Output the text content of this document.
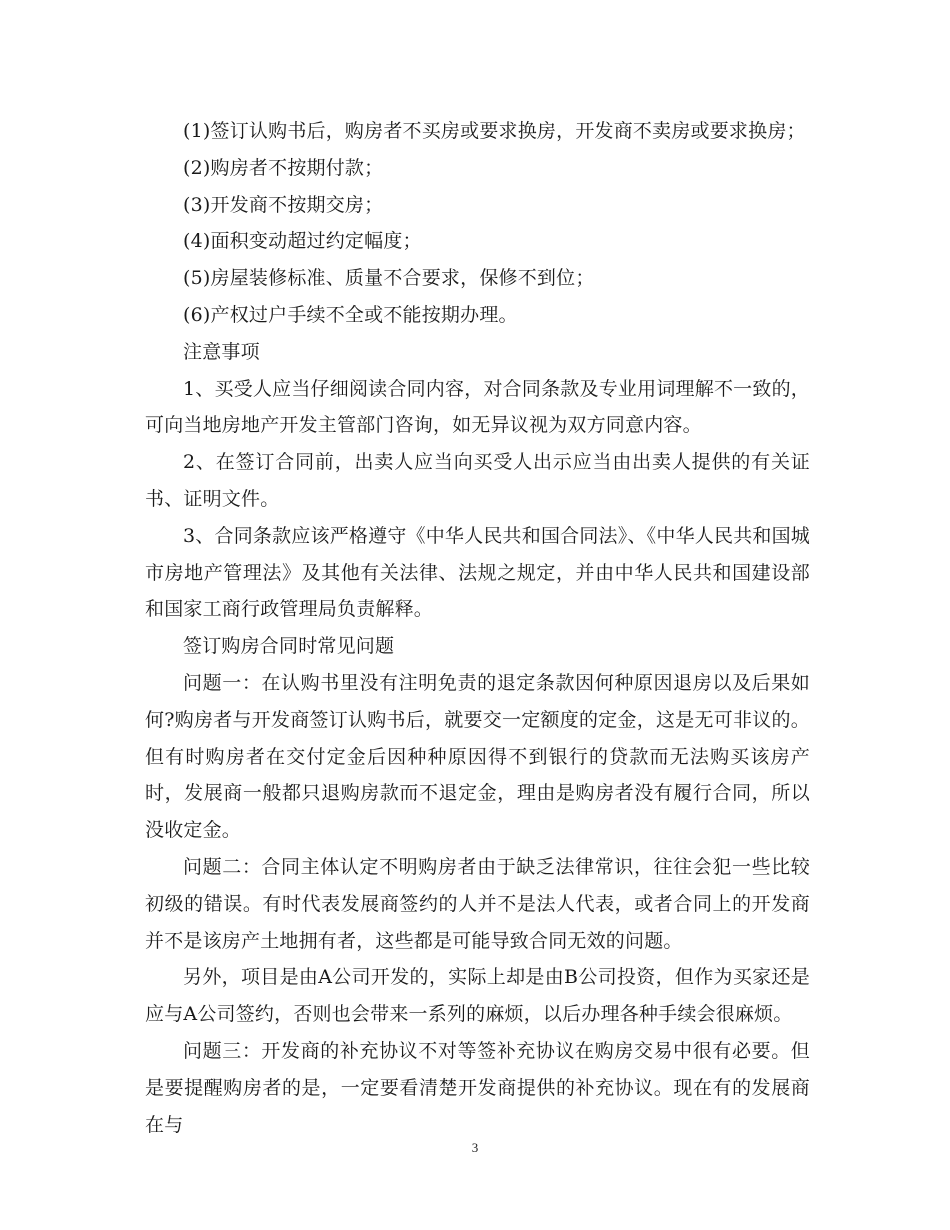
(1)签订认购书后，购房者不买房或要求换房，开发商不卖房或要求换房；

(2)购房者不按期付款；

(3)开发商不按期交房；

(4)面积变动超过约定幅度；

(5)房屋装修标准、质量不合要求，保修不到位；

(6)产权过户手续不全或不能按期办理。

注意事项

1、买受人应当仔细阅读合同内容，对合同条款及专业用词理解不一致的，可向当地房地产开发主管部门咨询，如无异议视为双方同意内容。

2、在签订合同前，出卖人应当向买受人出示应当由出卖人提供的有关证书、证明文件。

3、合同条款应该严格遵守《中华人民共和国合同法》、《中华人民共和国城市房地产管理法》及其他有关法律、法规之规定，并由中华人民共和国建设部和国家工商行政管理局负责解释。

签订购房合同时常见问题

问题一：在认购书里没有注明免责的退定条款因何种原因退房以及后果如何?购房者与开发商签订认购书后，就要交一定额度的定金，这是无可非议的。但有时购房者在交付定金后因种种原因得不到银行的贷款而无法购买该房产时，发展商一般都只退购房款而不退定金，理由是购房者没有履行合同，所以没收定金。

问题二：合同主体认定不明购房者由于缺乏法律常识，往往会犯一些比较初级的错误。有时代表发展商签约的人并不是法人代表，或者合同上的开发商并不是该房产土地拥有者，这些都是可能导致合同无效的问题。

另外，项目是由A公司开发的，实际上却是由B公司投资，但作为买家还是应与A公司签约，否则也会带来一系列的麻烦，以后办理各种手续会很麻烦。

问题三：开发商的补充协议不对等签补充协议在购房交易中很有必要。但是要提醒购房者的是，一定要看清楚开发商提供的补充协议。现在有的发展商在与

3
